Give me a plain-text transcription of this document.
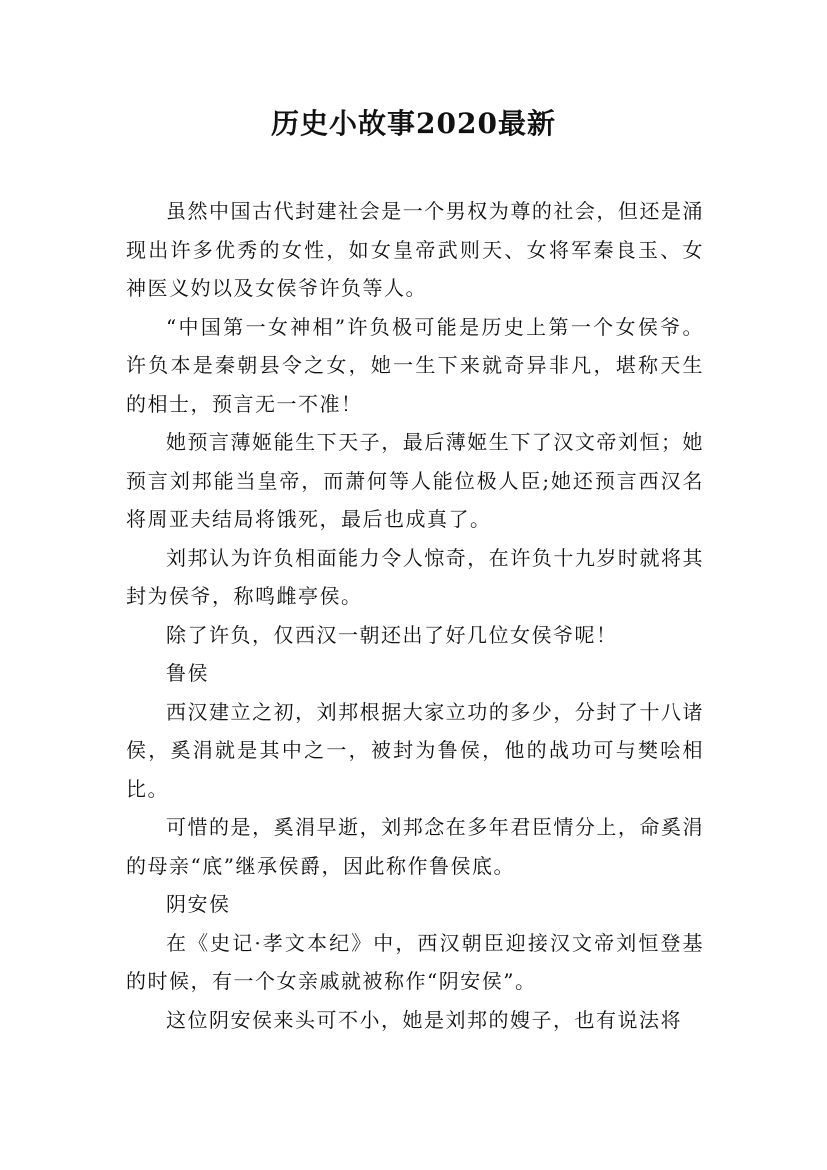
历史小故事2020最新

虽然中国古代封建社会是一个男权为尊的社会，但还是涌现出许多优秀的女性，如女皇帝武则天、女将军秦良玉、女神医义妁以及女侯爷许负等人。

“中国第一女神相”许负极可能是历史上第一个女侯爷。许负本是秦朝县令之女，她一生下来就奇异非凡，堪称天生的相士，预言无一不准！

她预言薄姬能生下天子，最后薄姬生下了汉文帝刘恒；她预言刘邦能当皇帝，而萧何等人能位极人臣;她还预言西汉名将周亚夫结局将饿死，最后也成真了。

刘邦认为许负相面能力令人惊奇，在许负十九岁时就将其封为侯爷，称鸣雌亭侯。

除了许负，仅西汉一朝还出了好几位女侯爷呢！

鲁侯

西汉建立之初，刘邦根据大家立功的多少，分封了十八诸侯，奚涓就是其中之一，被封为鲁侯，他的战功可与樊哙相比。

可惜的是，奚涓早逝，刘邦念在多年君臣情分上，命奚涓的母亲“底”继承侯爵，因此称作鲁侯底。

阴安侯

在《史记·孝文本纪》中，西汉朝臣迎接汉文帝刘恒登基的时候，有一个女亲戚就被称作“阴安侯”。

这位阴安侯来头可不小，她是刘邦的嫂子，也有说法将
